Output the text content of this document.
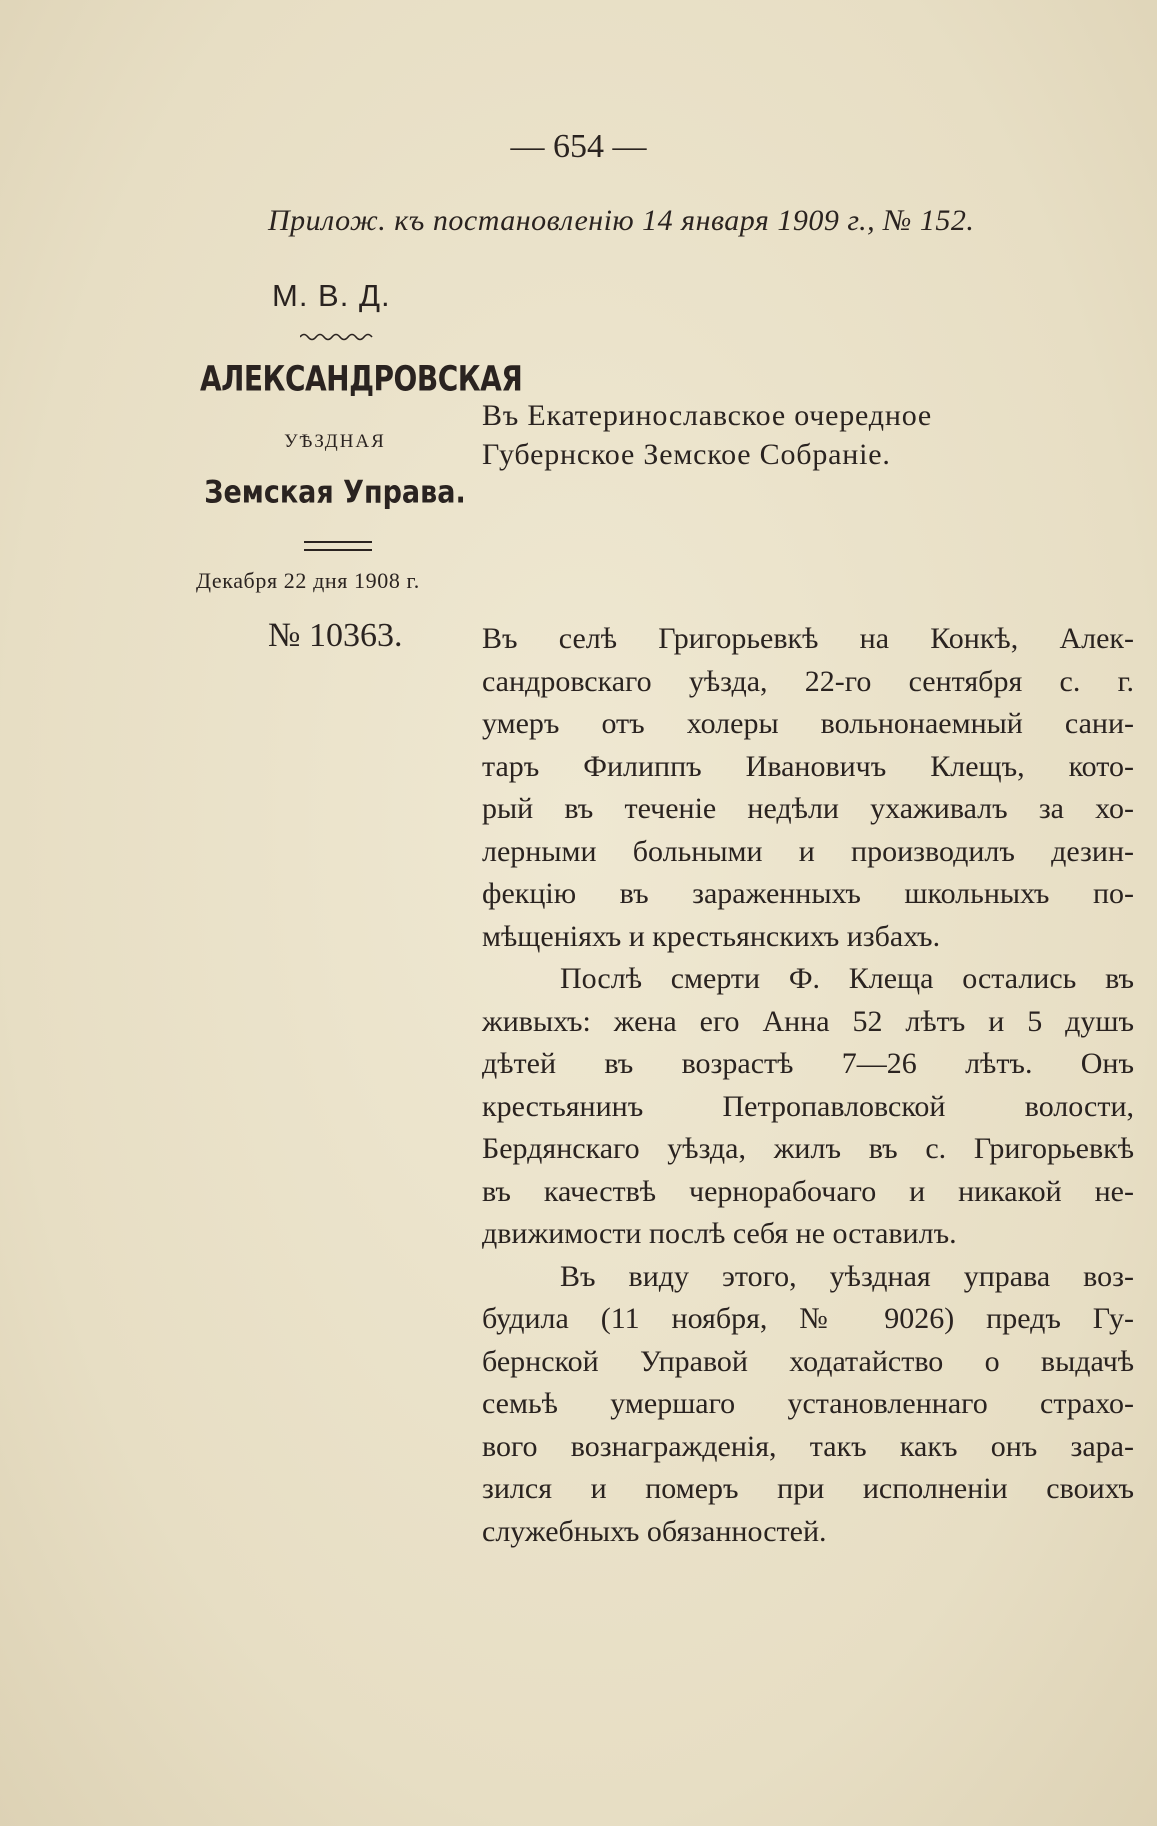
— 654 —
Прилож. къ постановленію 14 января 1909 г., № 152.
М. В. Д.
АЛЕКСАНДРОВСКАЯ
УѢЗДНАЯ
Земская Управа.
Декабря 22 дня 1908 г.
№ 10363.
Въ Екатеринославское очередное
Губернское Земское Собраніе.
Въ селѣ Григорьевкѣ на Конкѣ, Алек-
сандровскаго уѣзда, 22-го сентября с. г.
умеръ отъ холеры вольнонаемный сани-
таръ Филиппъ Ивановичъ Клещъ, кото-
рый въ теченіе недѣли ухаживалъ за хо-
лерными больными и производилъ дезин-
фекцію въ зараженныхъ школьныхъ по-
мѣщеніяхъ и крестьянскихъ избахъ.
Послѣ смерти Ф. Клеща остались въ
живыхъ: жена его Анна 52 лѣтъ и 5 душъ
дѣтей въ возрастѣ 7—26 лѣтъ. Онъ
крестьянинъ Петропавловской волости,
Бердянскаго уѣзда, жилъ въ с. Григорьевкѣ
въ качествѣ чернорабочаго и никакой не-
движимости послѣ себя не оставилъ.
Въ виду этого, уѣздная управа воз-
будила (11 ноября, № 9026) предъ Гу-
бернской Управой ходатайство о выдачѣ
семьѣ умершаго установленнаго страхо-
вого вознагражденія, такъ какъ онъ зара-
зился и померъ при исполненіи своихъ
служебныхъ обязанностей.
